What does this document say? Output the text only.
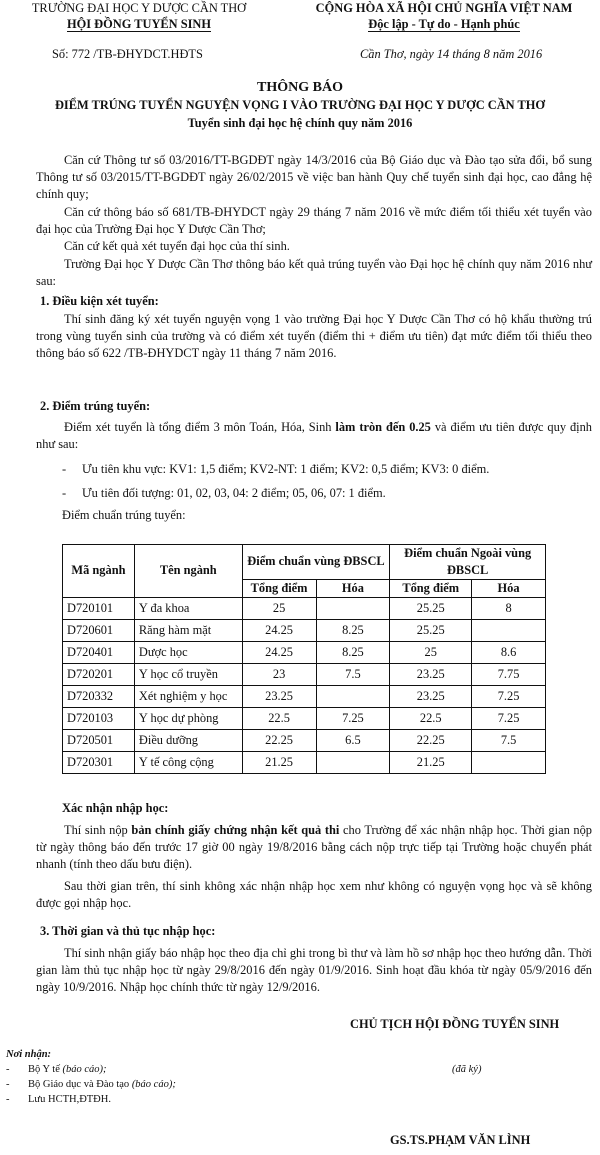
TRƯỜNG ĐẠI HỌC Y DƯỢC CẦN THƠ
HỘI ĐỒNG TUYỂN SINH
CỘNG HÒA XÃ HỘI CHỦ NGHĨA VIỆT NAM
Độc lập - Tự do - Hạnh phúc
Số: 772 /TB-ĐHYDCT.HĐTS	Cần Thơ, ngày 14 tháng 8 năm 2016
THÔNG BÁO
ĐIỂM TRÚNG TUYỂN NGUYỆN VỌNG I VÀO TRƯỜNG ĐẠI HỌC Y DƯỢC CẦN THƠ
Tuyển sinh đại học hệ chính quy năm 2016
Căn cứ Thông tư số 03/2016/TT-BGDĐT ngày 14/3/2016 của Bộ Giáo dục và Đào tạo sửa đổi, bổ sung Thông tư số 03/2015/TT-BGDĐT ngày 26/02/2015 về việc ban hành Quy chế tuyển sinh đại học, cao đẳng hệ chính quy;
Căn cứ thông báo số 681/TB-ĐHYDCT ngày 29 tháng 7 năm 2016 về mức điểm tối thiểu xét tuyển vào đại học của Trường Đại học Y Dược Cần Thơ;
Căn cứ kết quả xét tuyển đại học của thí sinh.
Trường Đại học Y Dược Cần Thơ thông báo kết quả trúng tuyển vào Đại học hệ chính quy năm 2016 như sau:
1. Điều kiện xét tuyển:
Thí sinh đăng ký xét tuyển nguyện vọng 1 vào trường Đại học Y Dược Cần Thơ có hộ khẩu thường trú trong vùng tuyển sinh của trường và có điểm xét tuyển (điểm thi + điểm ưu tiên) đạt mức điểm tối thiểu theo thông báo số 622 /TB-ĐHYDCT ngày 11 tháng 7 năm 2016.
2. Điểm trúng tuyển:
Điểm xét tuyển là tổng điểm 3 môn Toán, Hóa, Sinh làm tròn đến 0.25 và điểm ưu tiên được quy định như sau:
- Ưu tiên khu vực: KV1: 1,5 điểm; KV2-NT: 1 điểm; KV2: 0,5 điểm; KV3: 0 điểm.
- Ưu tiên đối tượng: 01, 02, 03, 04: 2 điểm; 05, 06, 07: 1 điểm.
Điểm chuẩn trúng tuyển:
Mã ngành	Tên ngành	Điểm chuẩn vùng ĐBSCL		Điểm chuẩn Ngoài vùng ĐBSCL	
		Tổng điểm	Hóa	Tổng điểm	Hóa
D720101	Y đa khoa	25		25.25	8
D720601	Răng hàm mặt	24.25	8.25	25.25	
D720401	Dược học	24.25	8.25	25	8.6
D720201	Y học cổ truyền	23	7.5	23.25	7.75
D720332	Xét nghiệm y học	23.25		23.25	7.25
D720103	Y học dự phòng	22.5	7.25	22.5	7.25
D720501	Điều dưỡng	22.25	6.5	22.25	7.5
D720301	Y tế công cộng	21.25		21.25	
Xác nhận nhập học:
Thí sinh nộp bản chính giấy chứng nhận kết quả thi cho Trường để xác nhận nhập học. Thời gian nộp từ ngày thông báo đến trước 17 giờ 00 ngày 19/8/2016 bằng cách nộp trực tiếp tại Trường hoặc chuyển phát nhanh (tính theo dấu bưu điện).
Sau thời gian trên, thí sinh không xác nhận nhập học xem như không có nguyện vọng học và sẽ không được gọi nhập học.
3. Thời gian và thủ tục nhập học:
Thí sinh nhận giấy báo nhập học theo địa chỉ ghi trong bì thư và làm hồ sơ nhập học theo hướng dẫn. Thời gian làm thủ tục nhập học từ ngày 29/8/2016 đến ngày 01/9/2016. Sinh hoạt đầu khóa từ ngày 05/9/2016 đến ngày 10/9/2016. Nhập học chính thức từ ngày 12/9/2016.
CHỦ TỊCH HỘI ĐỒNG TUYỂN SINH
Nơi nhận:
- Bộ Y tế (báo cáo);
- Bộ Giáo dục và Đào tạo (báo cáo);
- Lưu HCTH,ĐTĐH.
(đã ký)
GS.TS.PHẠM VĂN LÌNH
